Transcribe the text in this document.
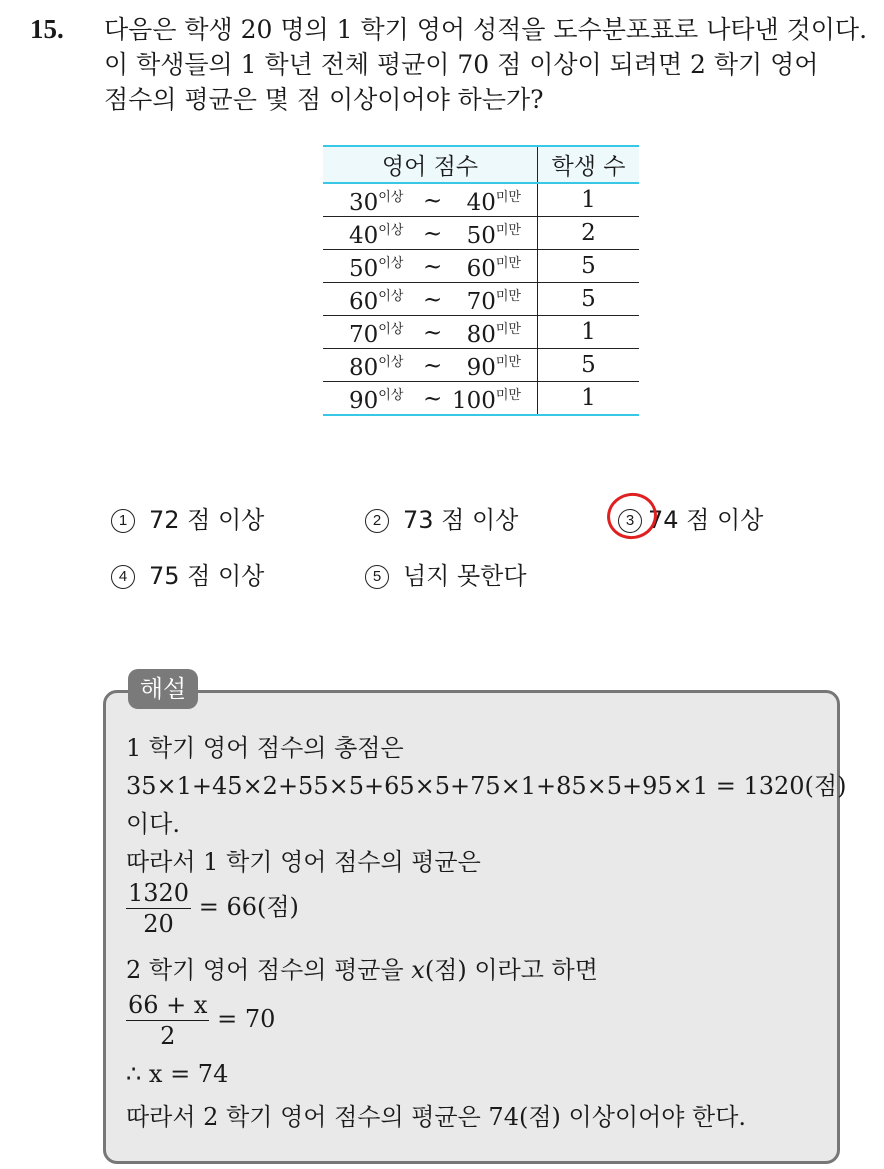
15. 다음은 학생 20 명의 1 학기 영어 성적을 도수분포표로 나타낸 것이다.
이 학생들의 1 학년 전체 평균이 70 점 이상이 되려면 2 학기 영어
점수의 평균은 몇 점 이상이어야 하는가?
영어 점수	학생 수

$30^{이상}$ ~ $40^{미만}$	1

$40^{이상}$ ~ $50^{미만}$	2

$50^{이상}$ ~ $60^{미만}$	5

$60^{이상}$ ~ $70^{미만}$	5

$70^{이상}$ ~ $80^{미만}$	1

$80^{이상}$ ~ $90^{미만}$	5

$90^{이상}$ ~ $100^{미만}$	1
1 72 점 이상	2 73 점 이상	3 74 점 이상
4 75 점 이상	5 넘지 못한다
해설
1 학기 영어 점수의 총점은
35×1+45×2+55×5+65×5+75×1+85×5+95×1 = 1320(점)
이다.
따라서 1 학기 영어 점수의 평균은
$\frac{1320}{20} = 66$(점)
2 학기 영어 점수의 평균을 x(점) 이라고 하면
$\frac{66 + x}{2} = 70$
∴ x = 74
따라서 2 학기 영어 점수의 평균은 74(점) 이상이어야 한다.
